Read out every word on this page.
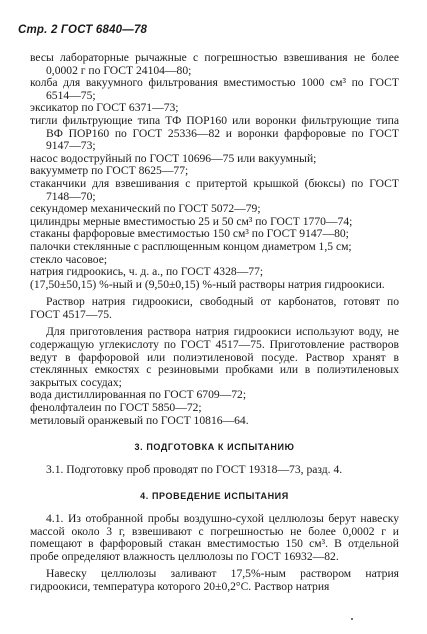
Стр. 2 ГОСТ 6840—78

весы лабораторные рычажные с погрешностью взвешивания не более 0,0002 г по ГОСТ 24104—80;

колба для вакуумного фильтрования вместимостью 1000 см³ по ГОСТ 6514—75;

эксикатор по ГОСТ 6371—73;

тигли фильтрующие типа ТФ ПОР160 или воронки фильтрующие типа ВФ ПОР160 по ГОСТ 25336—82 и воронки фарфоровые по ГОСТ 9147—73;

насос водоструйный по ГОСТ 10696—75 или вакуумный;

вакуумметр по ГОСТ 8625—77;

стаканчики для взвешивания с притертой крышкой (бюксы) по ГОСТ 7148—70;

секундомер механический по ГОСТ 5072—79;

цилиндры мерные вместимостью 25 и 50 см³ по ГОСТ 1770—74;

стаканы фарфоровые вместимостью 150 см³ по ГОСТ 9147—80;

палочки стеклянные с расплющенным концом диаметром 1,5 см;

стекло часовое;

натрия гидроокись, ч. д. а., по ГОСТ 4328—77;

(17,50±50,15) %-ный и (9,50±0,15) %-ный растворы натрия гидроокиси.

Раствор натрия гидроокиси, свободный от карбонатов, готовят по ГОСТ 4517—75.

Для приготовления раствора натрия гидроокиси используют воду, не содержащую углекислоту по ГОСТ 4517—75. Приготовление растворов ведут в фарфоровой или полиэтиленовой посуде. Раствор хранят в стеклянных емкостях с резиновыми пробками или в полиэтиленовых закрытых сосудах;

вода дистиллированная по ГОСТ 6709—72;

фенолфталеин по ГОСТ 5850—72;

метиловый оранжевый по ГОСТ 10816—64.

3. ПОДГОТОВКА К ИСПЫТАНИЮ

3.1. Подготовку проб проводят по ГОСТ 19318—73, разд. 4.

4. ПРОВЕДЕНИЕ ИСПЫТАНИЯ

4.1. Из отобранной пробы воздушно-сухой целлюлозы берут навеску массой около 3 г, взвешивают с погрешностью не более 0,0002 г и помещают в фарфоровый стакан вместимостью 150 см³. В отдельной пробе определяют влажность целлюлозы по ГОСТ 16932—82.

Навеску целлюлозы заливают 17,5%-ным раствором натрия гидроокиси, температура которого 20±0,2°С. Раствор натрия
